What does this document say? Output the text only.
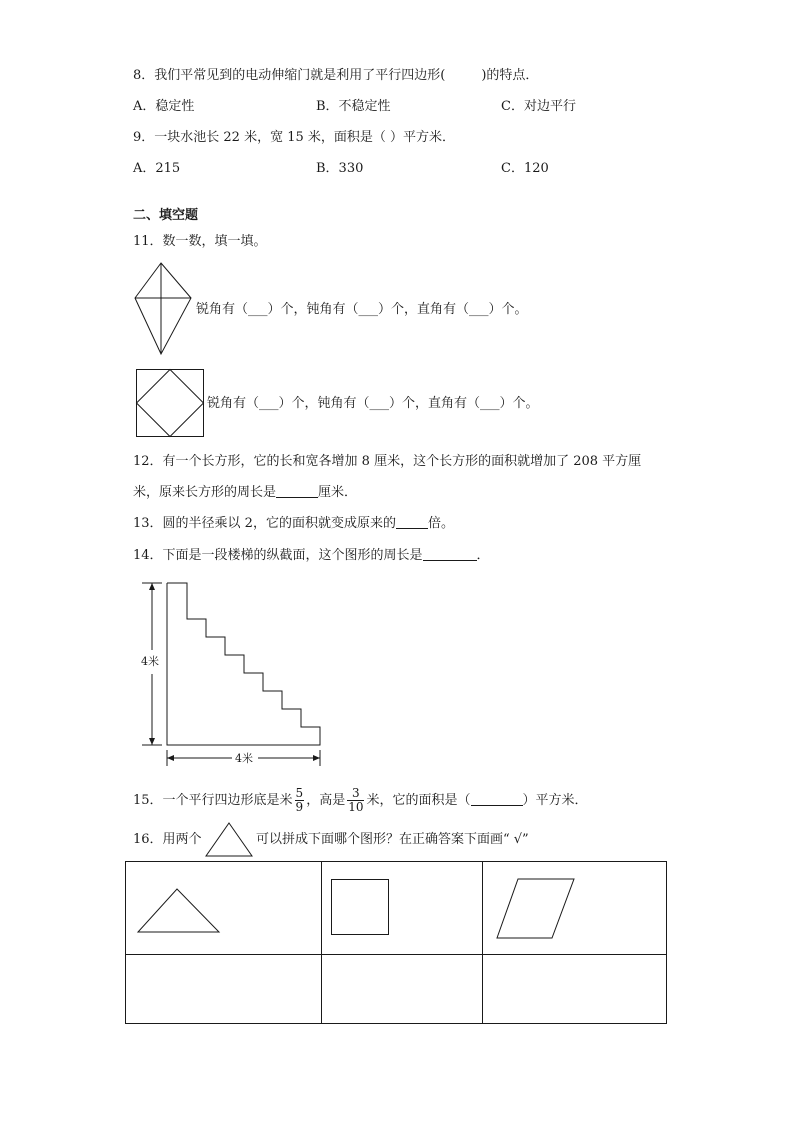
8．我们平常见到的电动伸缩门就是利用了平行四边形(	)的特点．
A．稳定性	B．不稳定性	C．对边平行
9．一块水池长 22 米，宽 15 米，面积是（ ）平方米．
A．215	B．330	C．120
二、填空题
11．数一数，填一填。
锐角有（___）个，钝角有（___）个，直角有（___）个。
锐角有（___）个，钝角有（___）个，直角有（___）个。
12．有一个长方形，它的长和宽各增加 8 厘米，这个长方形的面积就增加了 208 平方厘
米，原来长方形的周长是	厘米．
13．圆的半径乘以 2，它的面积就变成原来的 倍。
14．下面是一段楼梯的纵截面，这个图形的周长是	．
4米
4米
15．一个平行四边形底是米 $\frac{5}{9}$ ，高是 $\frac{3}{10}$ 米，它的面积是（	）平方米．
16．用两个	可以拼成下面哪个图形？在正确答案下面画“ √”
